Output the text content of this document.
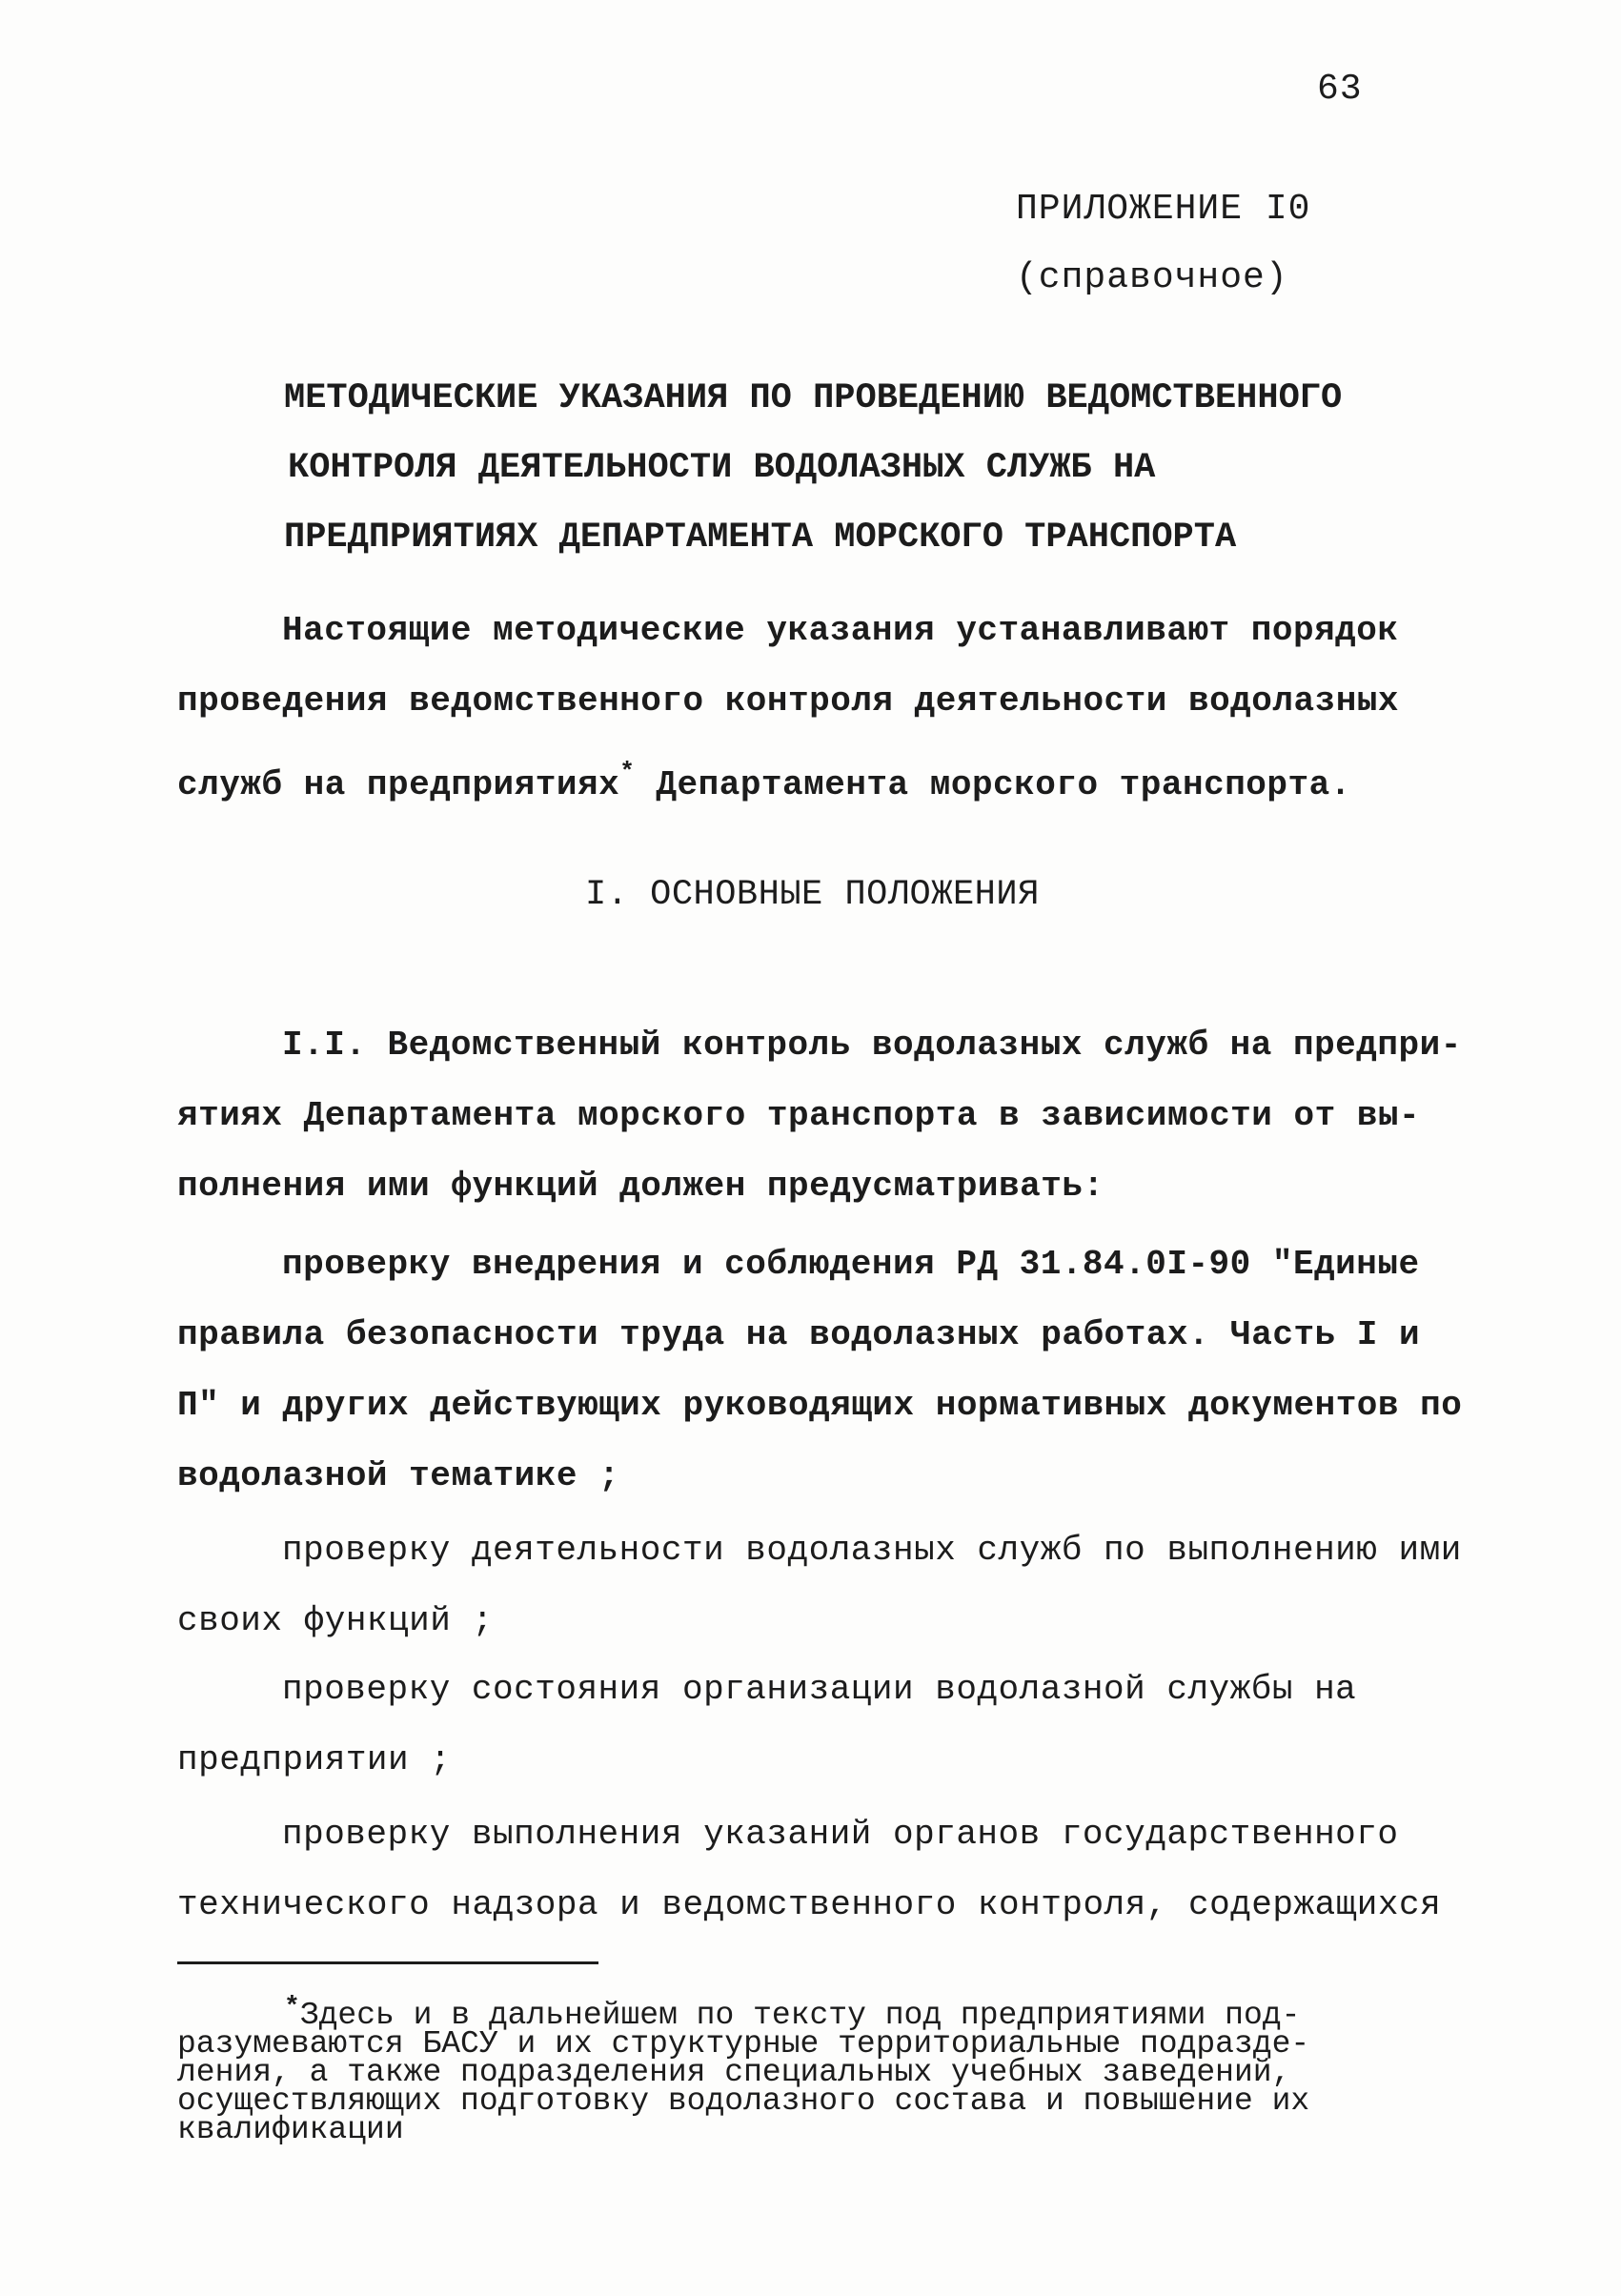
63
ПРИЛОЖЕНИЕ I0
(справочное)
МЕТОДИЧЕСКИЕ УКАЗАНИЯ ПО ПРОВЕДЕНИЮ ВЕДОМСТВЕННОГО
КОНТРОЛЯ ДЕЯТЕЛЬНОСТИ ВОДОЛАЗНЫХ СЛУЖБ НА
ПРЕДПРИЯТИЯХ ДЕПАРТАМЕНТА МОРСКОГО ТРАНСПОРТА
Настоящие методические указания устанавливают порядок
проведения ведомственного контроля деятельности водолазных
служб на предприятиях* Департамента морского транспорта.
I. ОСНОВНЫЕ ПОЛОЖЕНИЯ
I.I. Ведомственный контроль водолазных служб на предпри-
ятиях Департамента морского транспорта в зависимости от вы-
полнения ими функций должен предусматривать:
проверку внедрения и соблюдения РД 31.84.0I-90 "Единые
правила безопасности труда на водолазных работах. Часть I и
П" и других действующих руководящих нормативных документов по
водолазной тематике ;
проверку деятельности водолазных служб по выполнению ими
своих функций ;
проверку состояния организации водолазной службы на
предприятии ;
проверку выполнения указаний органов государственного
технического надзора и ведомственного контроля, содержащихся
*Здесь и в дальнейшем по тексту под предприятиями под-
разумеваются БАСУ и их структурные территориальные подразде-
ления, а также подразделения специальных учебных заведений,
осуществляющих подготовку водолазного состава и повышение их
квалификации
